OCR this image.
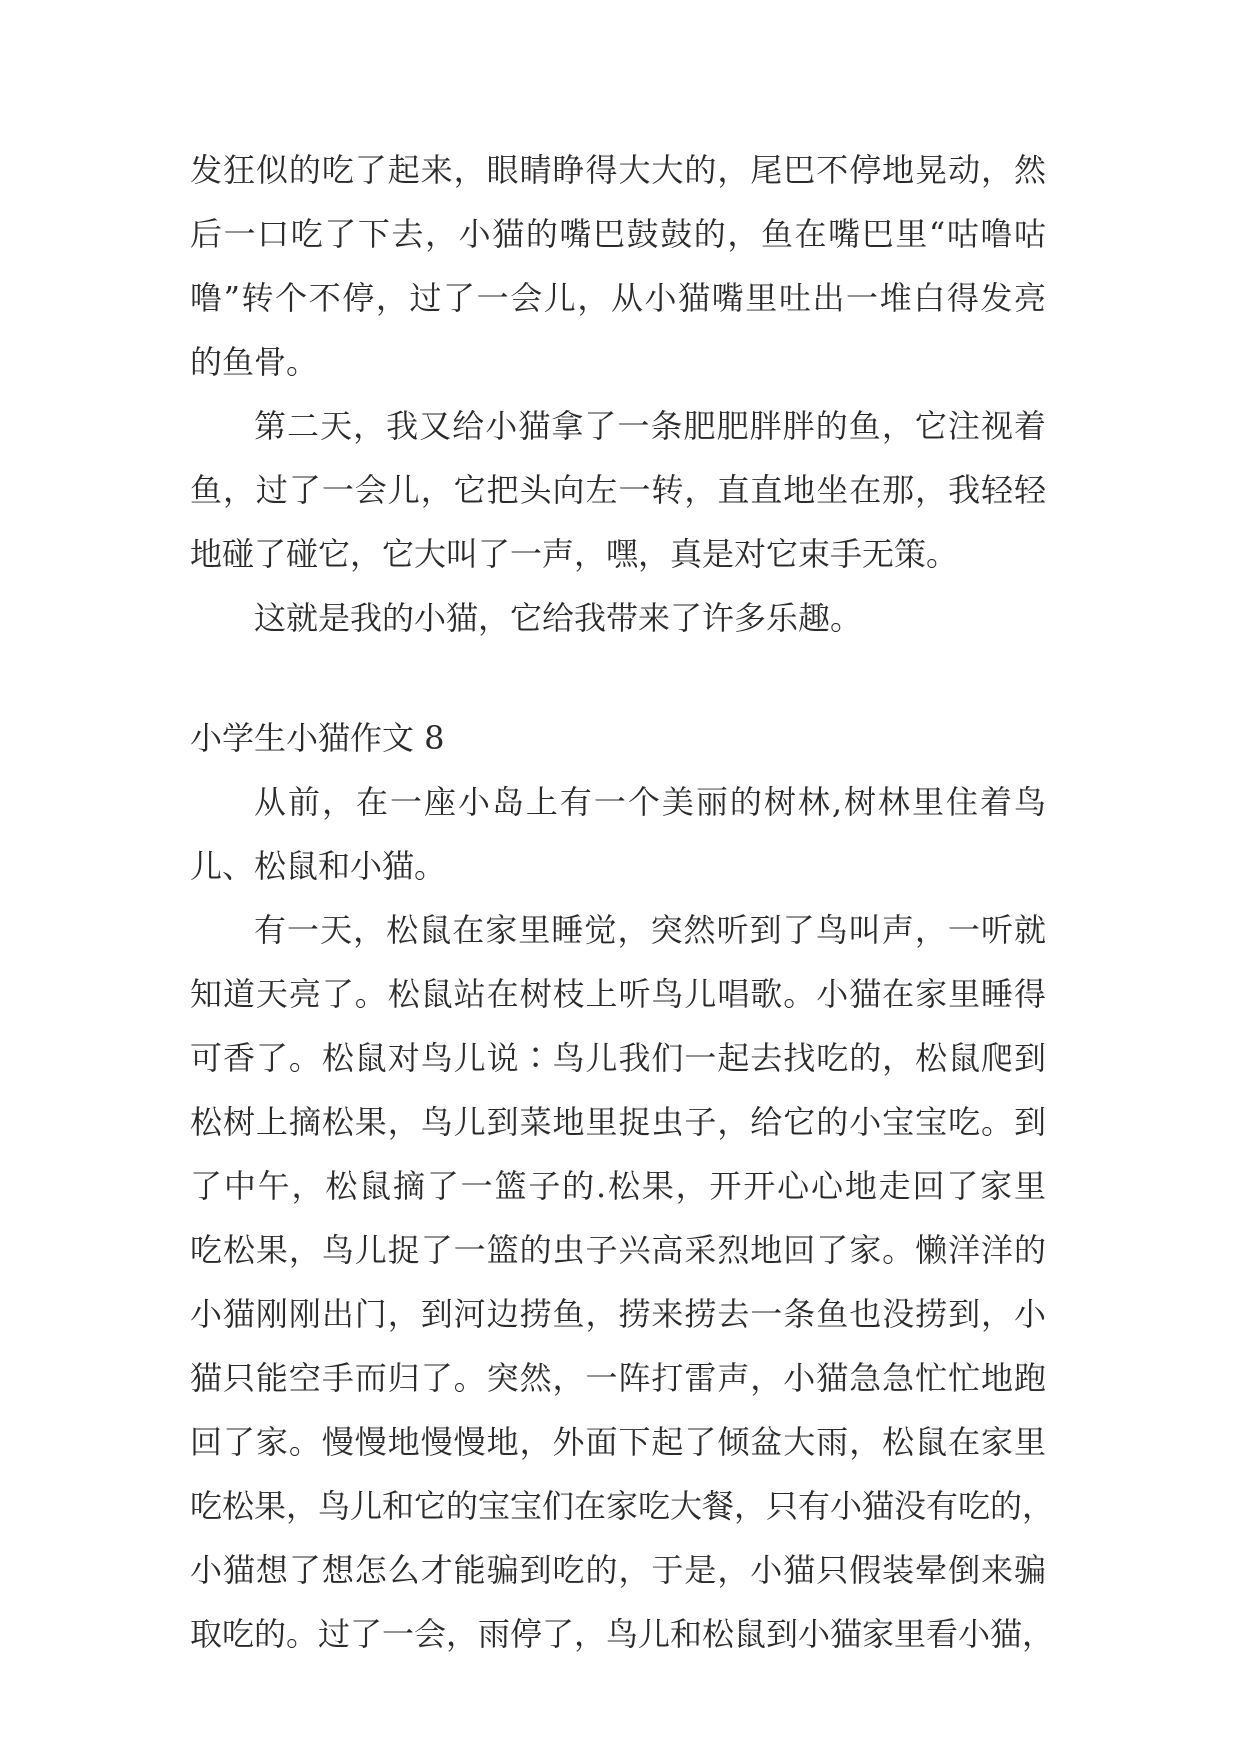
发狂似的吃了起来，眼睛睁得大大的，尾巴不停地晃动，然
后一口吃了下去，小猫的嘴巴鼓鼓的，鱼在嘴巴里“咕噜咕
噜”转个不停，过了一会儿，从小猫嘴里吐出一堆白得发亮
的鱼骨。
第二天，我又给小猫拿了一条肥肥胖胖的鱼，它注视着
鱼，过了一会儿，它把头向左一转，直直地坐在那，我轻轻
地碰了碰它，它大叫了一声，嘿，真是对它束手无策。
这就是我的小猫，它给我带来了许多乐趣。
小学生小猫作文 8
从前，在一座小岛上有一个美丽的树林,树林里住着鸟
儿、松鼠和小猫。
有一天，松鼠在家里睡觉，突然听到了鸟叫声，一听就
知道天亮了。松鼠站在树枝上听鸟儿唱歌。小猫在家里睡得
可香了。松鼠对鸟儿说∶鸟儿我们一起去找吃的，松鼠爬到
松树上摘松果，鸟儿到菜地里捉虫子，给它的小宝宝吃。到
了中午，松鼠摘了一篮子的.松果，开开心心地走回了家里
吃松果，鸟儿捉了一篮的虫子兴高采烈地回了家。懒洋洋的
小猫刚刚出门，到河边捞鱼，捞来捞去一条鱼也没捞到，小
猫只能空手而归了。突然，一阵打雷声，小猫急急忙忙地跑
回了家。慢慢地慢慢地，外面下起了倾盆大雨，松鼠在家里
吃松果，鸟儿和它的宝宝们在家吃大餐，只有小猫没有吃的，
小猫想了想怎么才能骗到吃的，于是，小猫只假装晕倒来骗
取吃的。过了一会，雨停了，鸟儿和松鼠到小猫家里看小猫，
